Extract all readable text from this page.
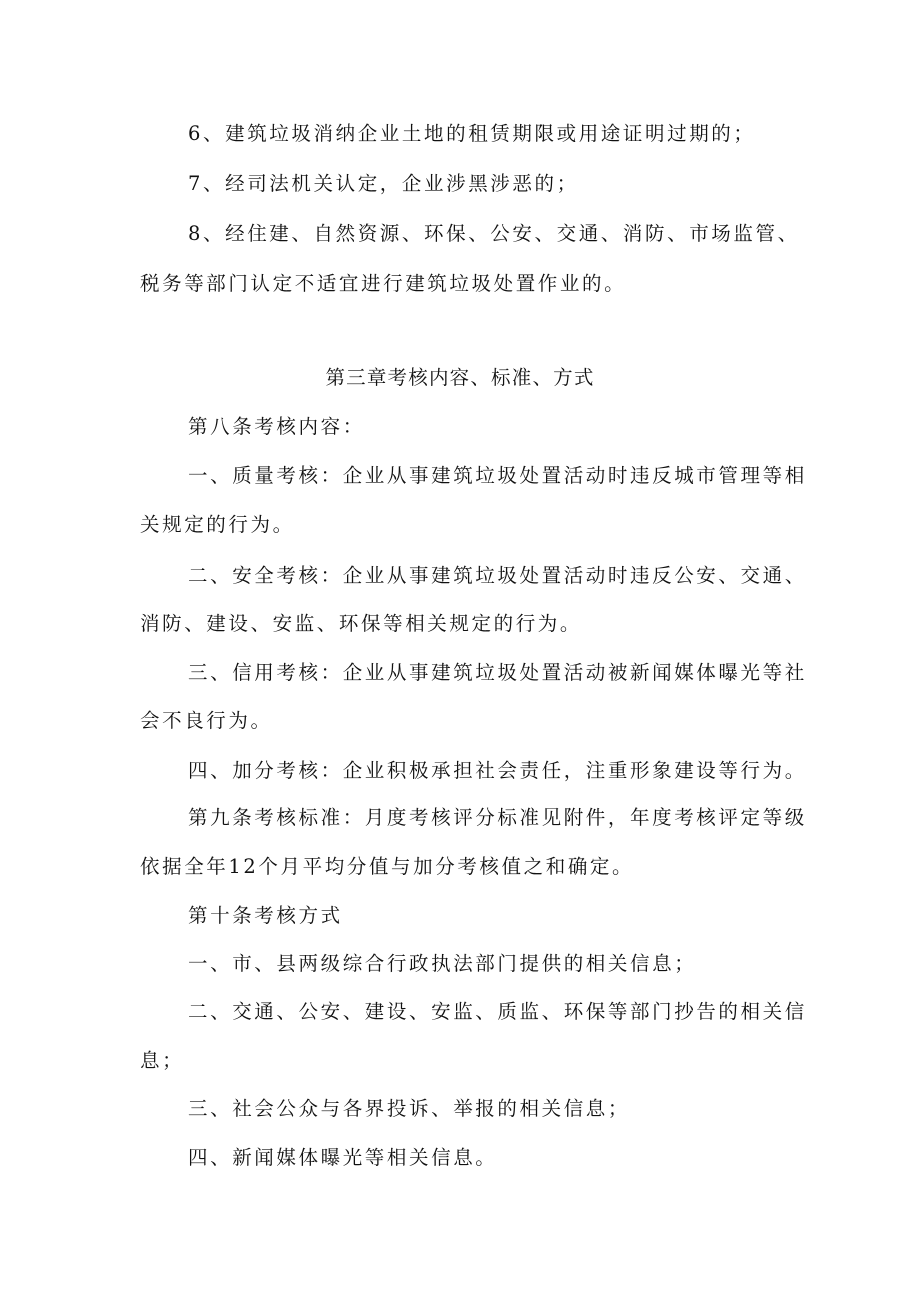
6、建筑垃圾消纳企业土地的租赁期限或用途证明过期的；
7、经司法机关认定，企业涉黑涉恶的；
8、经住建、自然资源、环保、公安、交通、消防、市场监管、
税务等部门认定不适宜进行建筑垃圾处置作业的。
第三章考核内容、标准、方式
第八条考核内容：
一、质量考核：企业从事建筑垃圾处置活动时违反城市管理等相
关规定的行为。
二、安全考核：企业从事建筑垃圾处置活动时违反公安、交通、
消防、建设、安监、环保等相关规定的行为。
三、信用考核：企业从事建筑垃圾处置活动被新闻媒体曝光等社
会不良行为。
四、加分考核：企业积极承担社会责任，注重形象建设等行为。
第九条考核标准：月度考核评分标准见附件，年度考核评定等级
依据全年12个月平均分值与加分考核值之和确定。
第十条考核方式
一、市、县两级综合行政执法部门提供的相关信息；
二、交通、公安、建设、安监、质监、环保等部门抄告的相关信
息；
三、社会公众与各界投诉、举报的相关信息；
四、新闻媒体曝光等相关信息。
